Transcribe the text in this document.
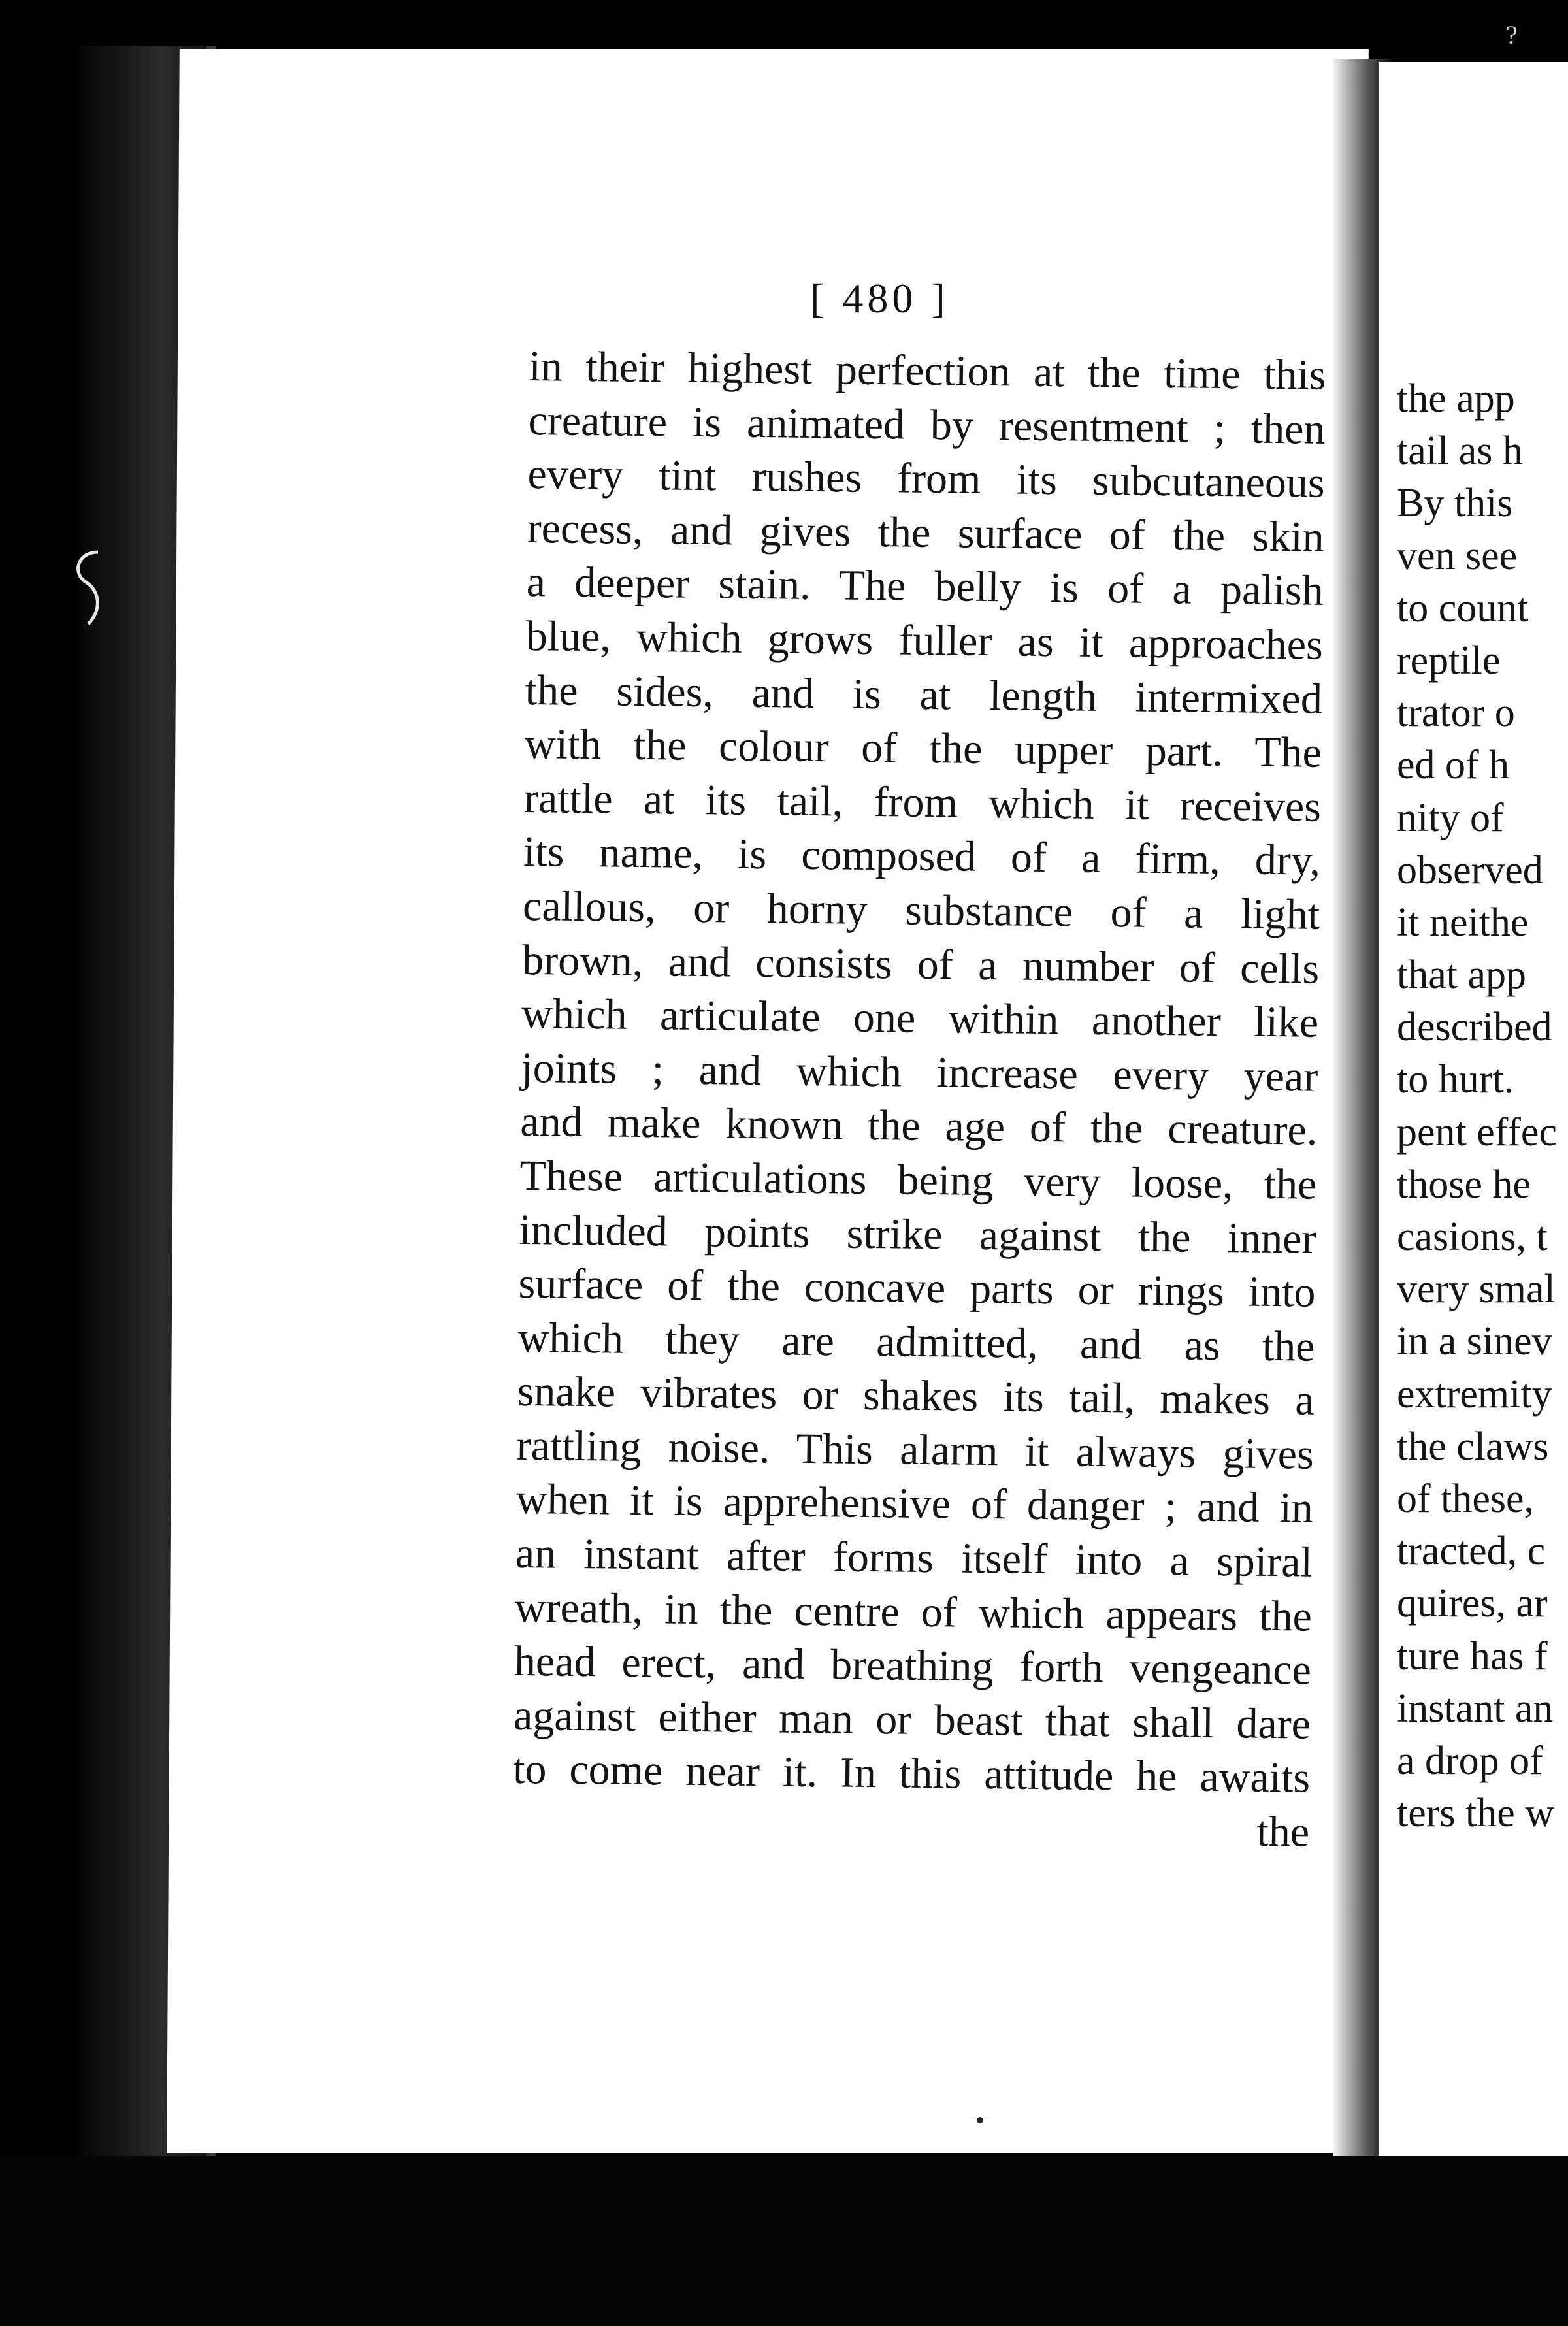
the app
tail as h
By this
ven see
to count
reptile
trator o
ed of h
nity of
observed
it neithe
that app
described
to hurt.
pent effec
those he
casions, t
very smal
in a sinev
extremity
the claws
of these,
tracted, c
quires, ar
ture has f
instant an
a drop of
ters the w
?
[ 480 ]
in their highest perfection at the time this
creature is animated by resentment ; then
every tint rushes from its subcutaneous
recess, and gives the surface of the skin
a deeper stain. The belly is of a palish
blue, which grows fuller as it approaches
the sides, and is at length intermixed
with the colour of the upper part. The
rattle at its tail, from which it receives
its name, is composed of a firm, dry,
callous, or horny substance of a light
brown, and consists of a number of cells
which articulate one within another like
joints ; and which increase every year
and make known the age of the creature.
These articulations being very loose, the
included points strike against the inner
surface of the concave parts or rings into
which they are admitted, and as the
snake vibrates or shakes its tail, makes a
rattling noise. This alarm it always gives
when it is apprehensive of danger ; and in
an instant after forms itself into a spiral
wreath, in the centre of which appears the
head erect, and breathing forth vengeance
against either man or beast that shall dare
to come near it. In this attitude he awaits
the
